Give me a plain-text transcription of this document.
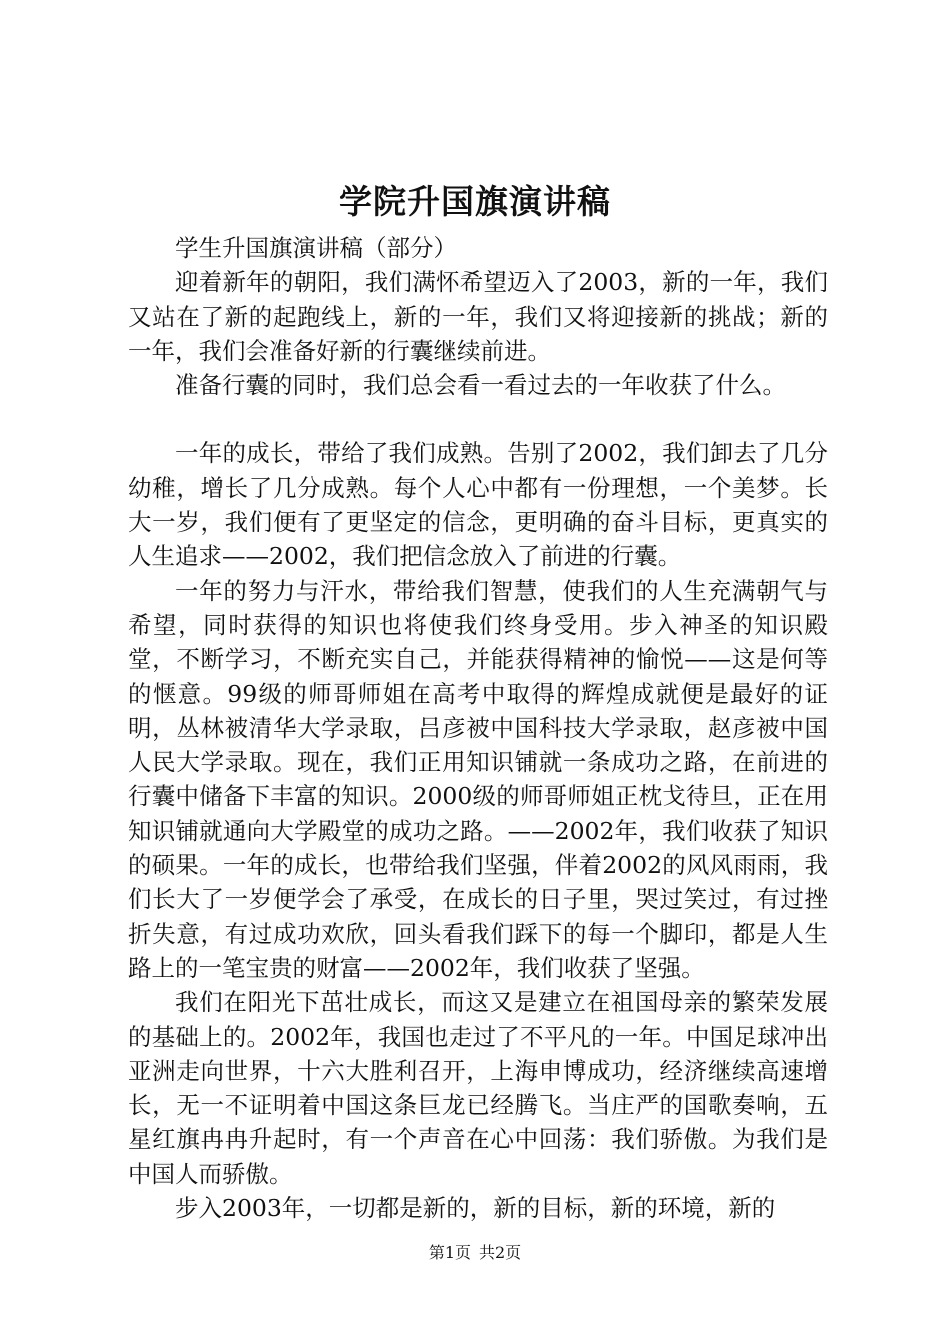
学院升国旗演讲稿

学生升国旗演讲稿（部分）

迎着新年的朝阳，我们满怀希望迈入了2003，新的一年，我们又站在了新的起跑线上，新的一年，我们又将迎接新的挑战；新的一年，我们会准备好新的行囊继续前进。

准备行囊的同时，我们总会看一看过去的一年收获了什么。

一年的成长，带给了我们成熟。告别了2002，我们卸去了几分幼稚，增长了几分成熟。每个人心中都有一份理想，一个美梦。长大一岁，我们便有了更坚定的信念，更明确的奋斗目标，更真实的人生追求——2002，我们把信念放入了前进的行囊。

一年的努力与汗水，带给我们智慧，使我们的人生充满朝气与希望，同时获得的知识也将使我们终身受用。步入神圣的知识殿堂，不断学习，不断充实自己，并能获得精神的愉悦——这是何等的惬意。99级的师哥师姐在高考中取得的辉煌成就便是最好的证明，丛林被清华大学录取，吕彦被中国科技大学录取，赵彦被中国人民大学录取。现在，我们正用知识铺就一条成功之路，在前进的行囊中储备下丰富的知识。2000级的师哥师姐正枕戈待旦，正在用知识铺就通向大学殿堂的成功之路。——2002年，我们收获了知识的硕果。一年的成长，也带给我们坚强，伴着2002的风风雨雨，我们长大了一岁便学会了承受，在成长的日子里，哭过笑过，有过挫折失意，有过成功欢欣，回头看我们踩下的每一个脚印，都是人生路上的一笔宝贵的财富——2002年，我们收获了坚强。

我们在阳光下茁壮成长，而这又是建立在祖国母亲的繁荣发展的基础上的。2002年，我国也走过了不平凡的一年。中国足球冲出亚洲走向世界，十六大胜利召开，上海申博成功，经济继续高速增长，无一不证明着中国这条巨龙已经腾飞。当庄严的国歌奏响，五星红旗冉冉升起时，有一个声音在心中回荡：我们骄傲。为我们是中国人而骄傲。

步入2003年，一切都是新的，新的目标，新的环境，新的

第1页 共2页
